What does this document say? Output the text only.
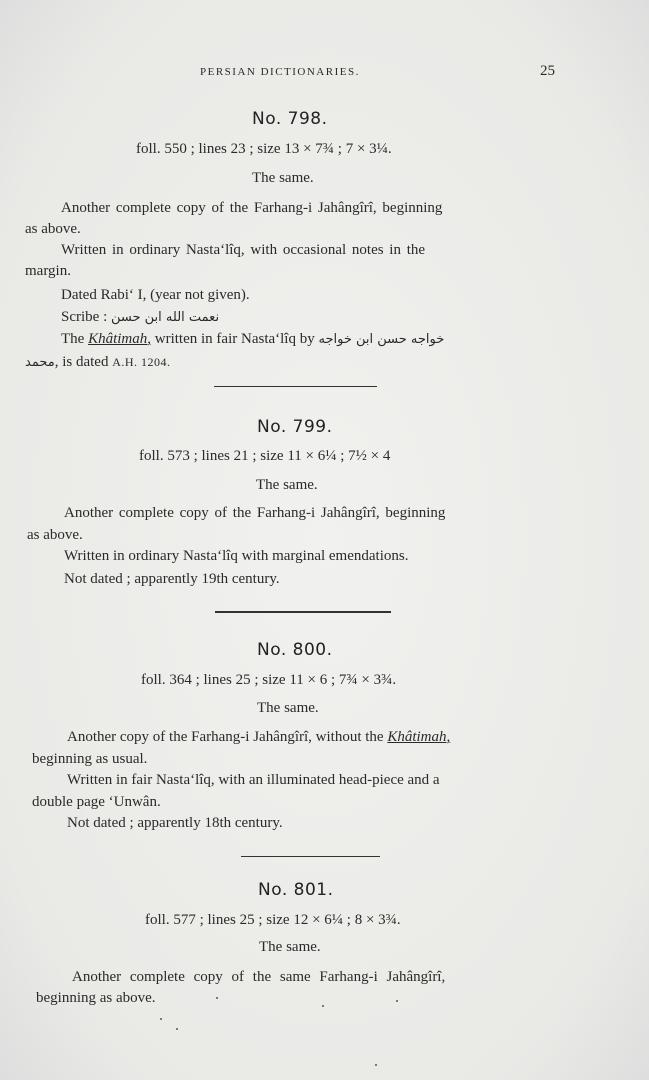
PERSIAN DICTIONARIES.	25
No. 798.
foll. 550 ; lines 23 ; size 13 × 7¾ ; 7 × 3¼.
The same.
Another complete copy of the Farhang-i Jahângîrî, beginning
as above.
Written in ordinary Nasta‘lîq, with occasional notes in the
margin.
Dated Rabi‘ I, (year not given).
Scribe : نعمت الله ابن حسن
The Khâtimah, written in fair Nasta‘lîq by خواجه حسن ابن خواجه
محمد, is dated A.H. 1204.
No. 799.
foll. 573 ; lines 21 ; size 11 × 6¼ ; 7½ × 4
The same.
Another complete copy of the Farhang-i Jahângîrî, beginning
as above.
Written in ordinary Nasta‘lîq with marginal emendations.
Not dated ; apparently 19th century.
No. 800.
foll. 364 ; lines 25 ; size 11 × 6 ; 7¾ × 3¾.
The same.
Another copy of the Farhang-i Jahângîrî, without the Khâtimah,
beginning as usual.
Written in fair Nasta‘lîq, with an illuminated head-piece and a
double page ‘Unwân.
Not dated ; apparently 18th century.
No. 801.
foll. 577 ; lines 25 ; size 12 × 6¼ ; 8 × 3¾.
The same.
Another complete copy of the same Farhang-i Jahângîrî,
beginning as above.
